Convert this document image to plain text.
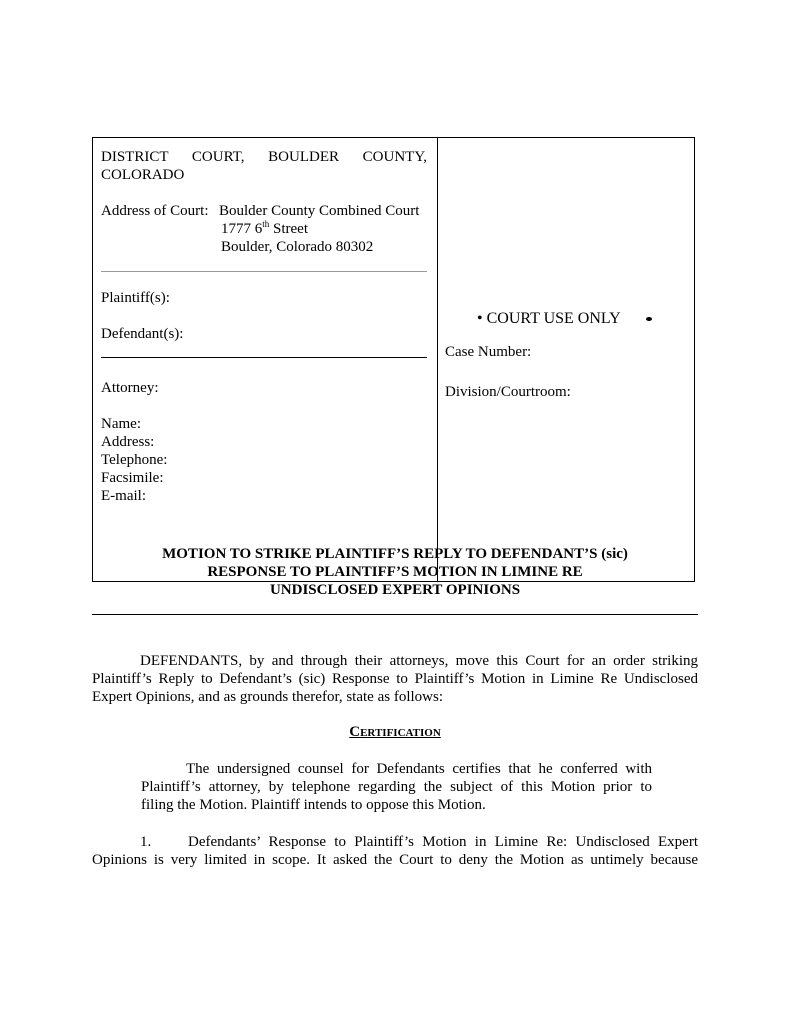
DISTRICT COURT, BOULDER COUNTY,
COLORADO
Address of Court: Boulder County Combined Court
1777 6th Street
Boulder, Colorado 80302
Plaintiff(s):
Defendant(s):
Attorney:
Name:
Address:
Telephone:
Facsimile:
E-mail:
• COURT USE ONLY
Case Number:
Division/Courtroom:
MOTION TO STRIKE PLAINTIFF’S REPLY TO DEFENDANT’S (sic)
RESPONSE TO PLAINTIFF’S MOTION IN LIMINE RE
UNDISCLOSED EXPERT OPINIONS
DEFENDANTS, by and through their attorneys, move this Court for an order striking
Plaintiff’s Reply to Defendant’s (sic) Response to Plaintiff’s Motion in Limine Re Undisclosed
Expert Opinions, and as grounds therefor, state as follows:
CERTIFICATION
The undersigned counsel for Defendants certifies that he conferred with
Plaintiff’s attorney, by telephone regarding the subject of this Motion prior to
filing the Motion. Plaintiff intends to oppose this Motion.
1. Defendants’ Response to Plaintiff’s Motion in Limine Re: Undisclosed Expert
Opinions is very limited in scope. It asked the Court to deny the Motion as untimely because
